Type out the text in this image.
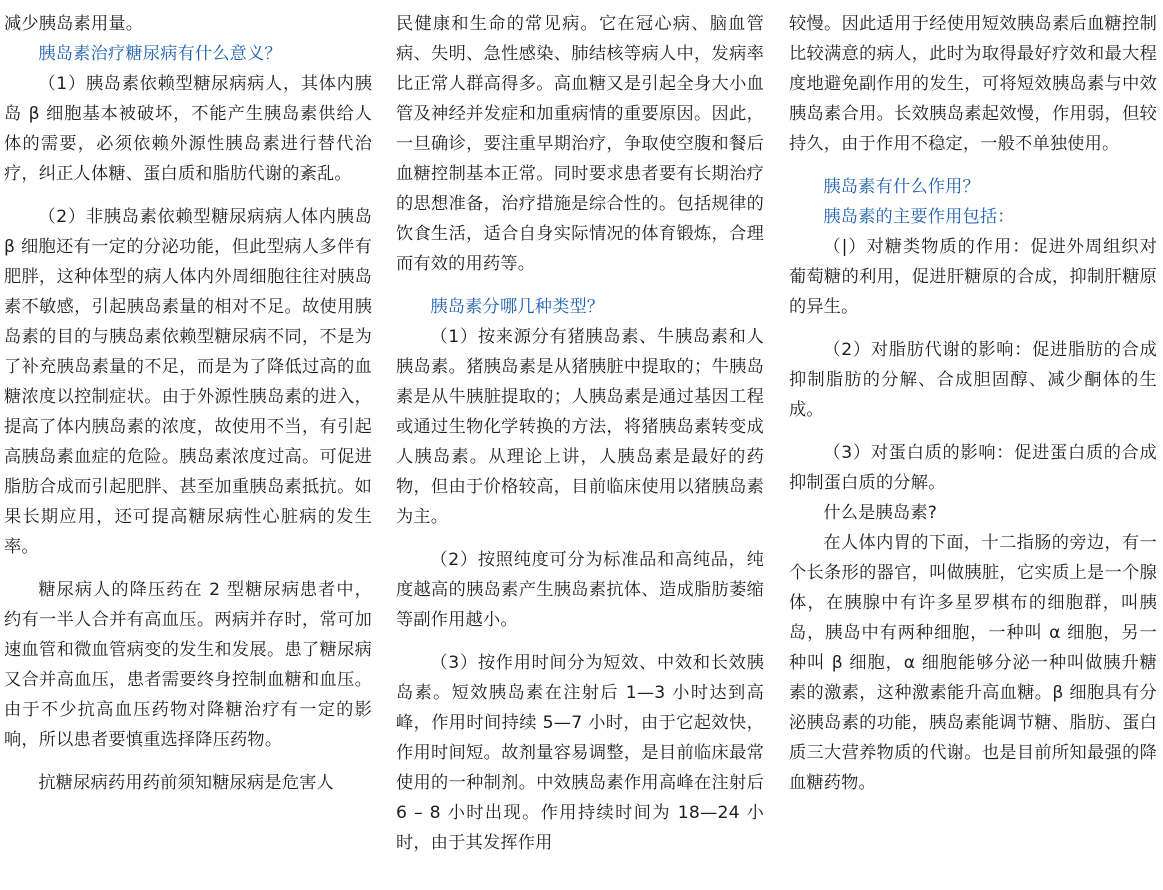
减少胰岛素用量。

胰岛素治疗糖尿病有什么意义？

（1）胰岛素依赖型糖尿病病人，其体内胰岛 β 细胞基本被破坏，不能产生胰岛素供给人体的需要，必须依赖外源性胰岛素进行替代治疗，纠正人体糖、蛋白质和脂肪代谢的紊乱。

（2）非胰岛素依赖型糖尿病病人体内胰岛 β 细胞还有一定的分泌功能，但此型病人多伴有肥胖，这种体型的病人体内外周细胞往往对胰岛素不敏感，引起胰岛素量的相对不足。故使用胰岛素的目的与胰岛素依赖型糖尿病不同，不是为了补充胰岛素量的不足，而是为了降低过高的血糖浓度以控制症状。由于外源性胰岛素的进入，提高了体内胰岛素的浓度，故使用不当，有引起高胰岛素血症的危险。胰岛素浓度过高。可促进脂肪合成而引起肥胖、甚至加重胰岛素抵抗。如果长期应用，还可提高糖尿病性心脏病的发生率。

糖尿病人的降压药在 2 型糖尿病患者中，约有一半人合并有高血压。两病并存时，常可加速血管和微血管病变的发生和发展。患了糖尿病又合并高血压，患者需要终身控制血糖和血压。由于不少抗高血压药物对降糖治疗有一定的影响，所以患者要慎重选择降压药物。

抗糖尿病药用药前须知糖尿病是危害人

民健康和生命的常见病。它在冠心病、脑血管病、失明、急性感染、肺结核等病人中，发病率比正常人群高得多。高血糖又是引起全身大小血管及神经并发症和加重病情的重要原因。因此，一旦确诊，要注重早期治疗，争取使空腹和餐后血糖控制基本正常。同时要求患者要有长期治疗的思想准备，治疗措施是综合性的。包括规律的饮食生活，适合自身实际情况的体育锻炼，合理而有效的用药等。

胰岛素分哪几种类型？

（1）按来源分有猪胰岛素、牛胰岛素和人胰岛素。猪胰岛素是从猪胰脏中提取的；牛胰岛素是从牛胰脏提取的；人胰岛素是通过基因工程或通过生物化学转换的方法，将猪胰岛素转变成人胰岛素。从理论上讲，人胰岛素是最好的药物，但由于价格较高，目前临床使用以猪胰岛素为主。

（2）按照纯度可分为标准品和高纯品，纯度越高的胰岛素产生胰岛素抗体、造成脂肪萎缩等副作用越小。

（3）按作用时间分为短效、中效和长效胰岛素。短效胰岛素在注射后 1—3 小时达到高峰，作用时间持续 5—7 小时，由于它起效快，作用时间短。故剂量容易调整，是目前临床最常使用的一种制剂。中效胰岛素作用高峰在注射后 6 – 8 小时出现。作用持续时间为 18—24 小时，由于其发挥作用

较慢。因此适用于经使用短效胰岛素后血糖控制比较满意的病人，此时为取得最好疗效和最大程度地避免副作用的发生，可将短效胰岛素与中效胰岛素合用。长效胰岛素起效慢，作用弱，但较持久，由于作用不稳定，一般不单独使用。

胰岛素有什么作用？
胰岛素的主要作用包括：

（|）对糖类物质的作用：促进外周组织对葡萄糖的利用，促进肝糖原的合成，抑制肝糖原的异生。

（2）对脂肪代谢的影响：促进脂肪的合成抑制脂肪的分解、合成胆固醇、减少酮体的生成。

（3）对蛋白质的影响：促进蛋白质的合成抑制蛋白质的分解。

什么是胰岛素?

在人体内胃的下面，十二指肠的旁边，有一个长条形的器官，叫做胰脏，它实质上是一个腺体，在胰腺中有许多星罗棋布的细胞群，叫胰岛，胰岛中有两种细胞，一种叫 α 细胞，另一种叫 β 细胞，α 细胞能够分泌一种叫做胰升糖素的激素，这种激素能升高血糖。β 细胞具有分泌胰岛素的功能，胰岛素能调节糖、脂肪、蛋白质三大营养物质的代谢。也是目前所知最强的降血糖药物。
